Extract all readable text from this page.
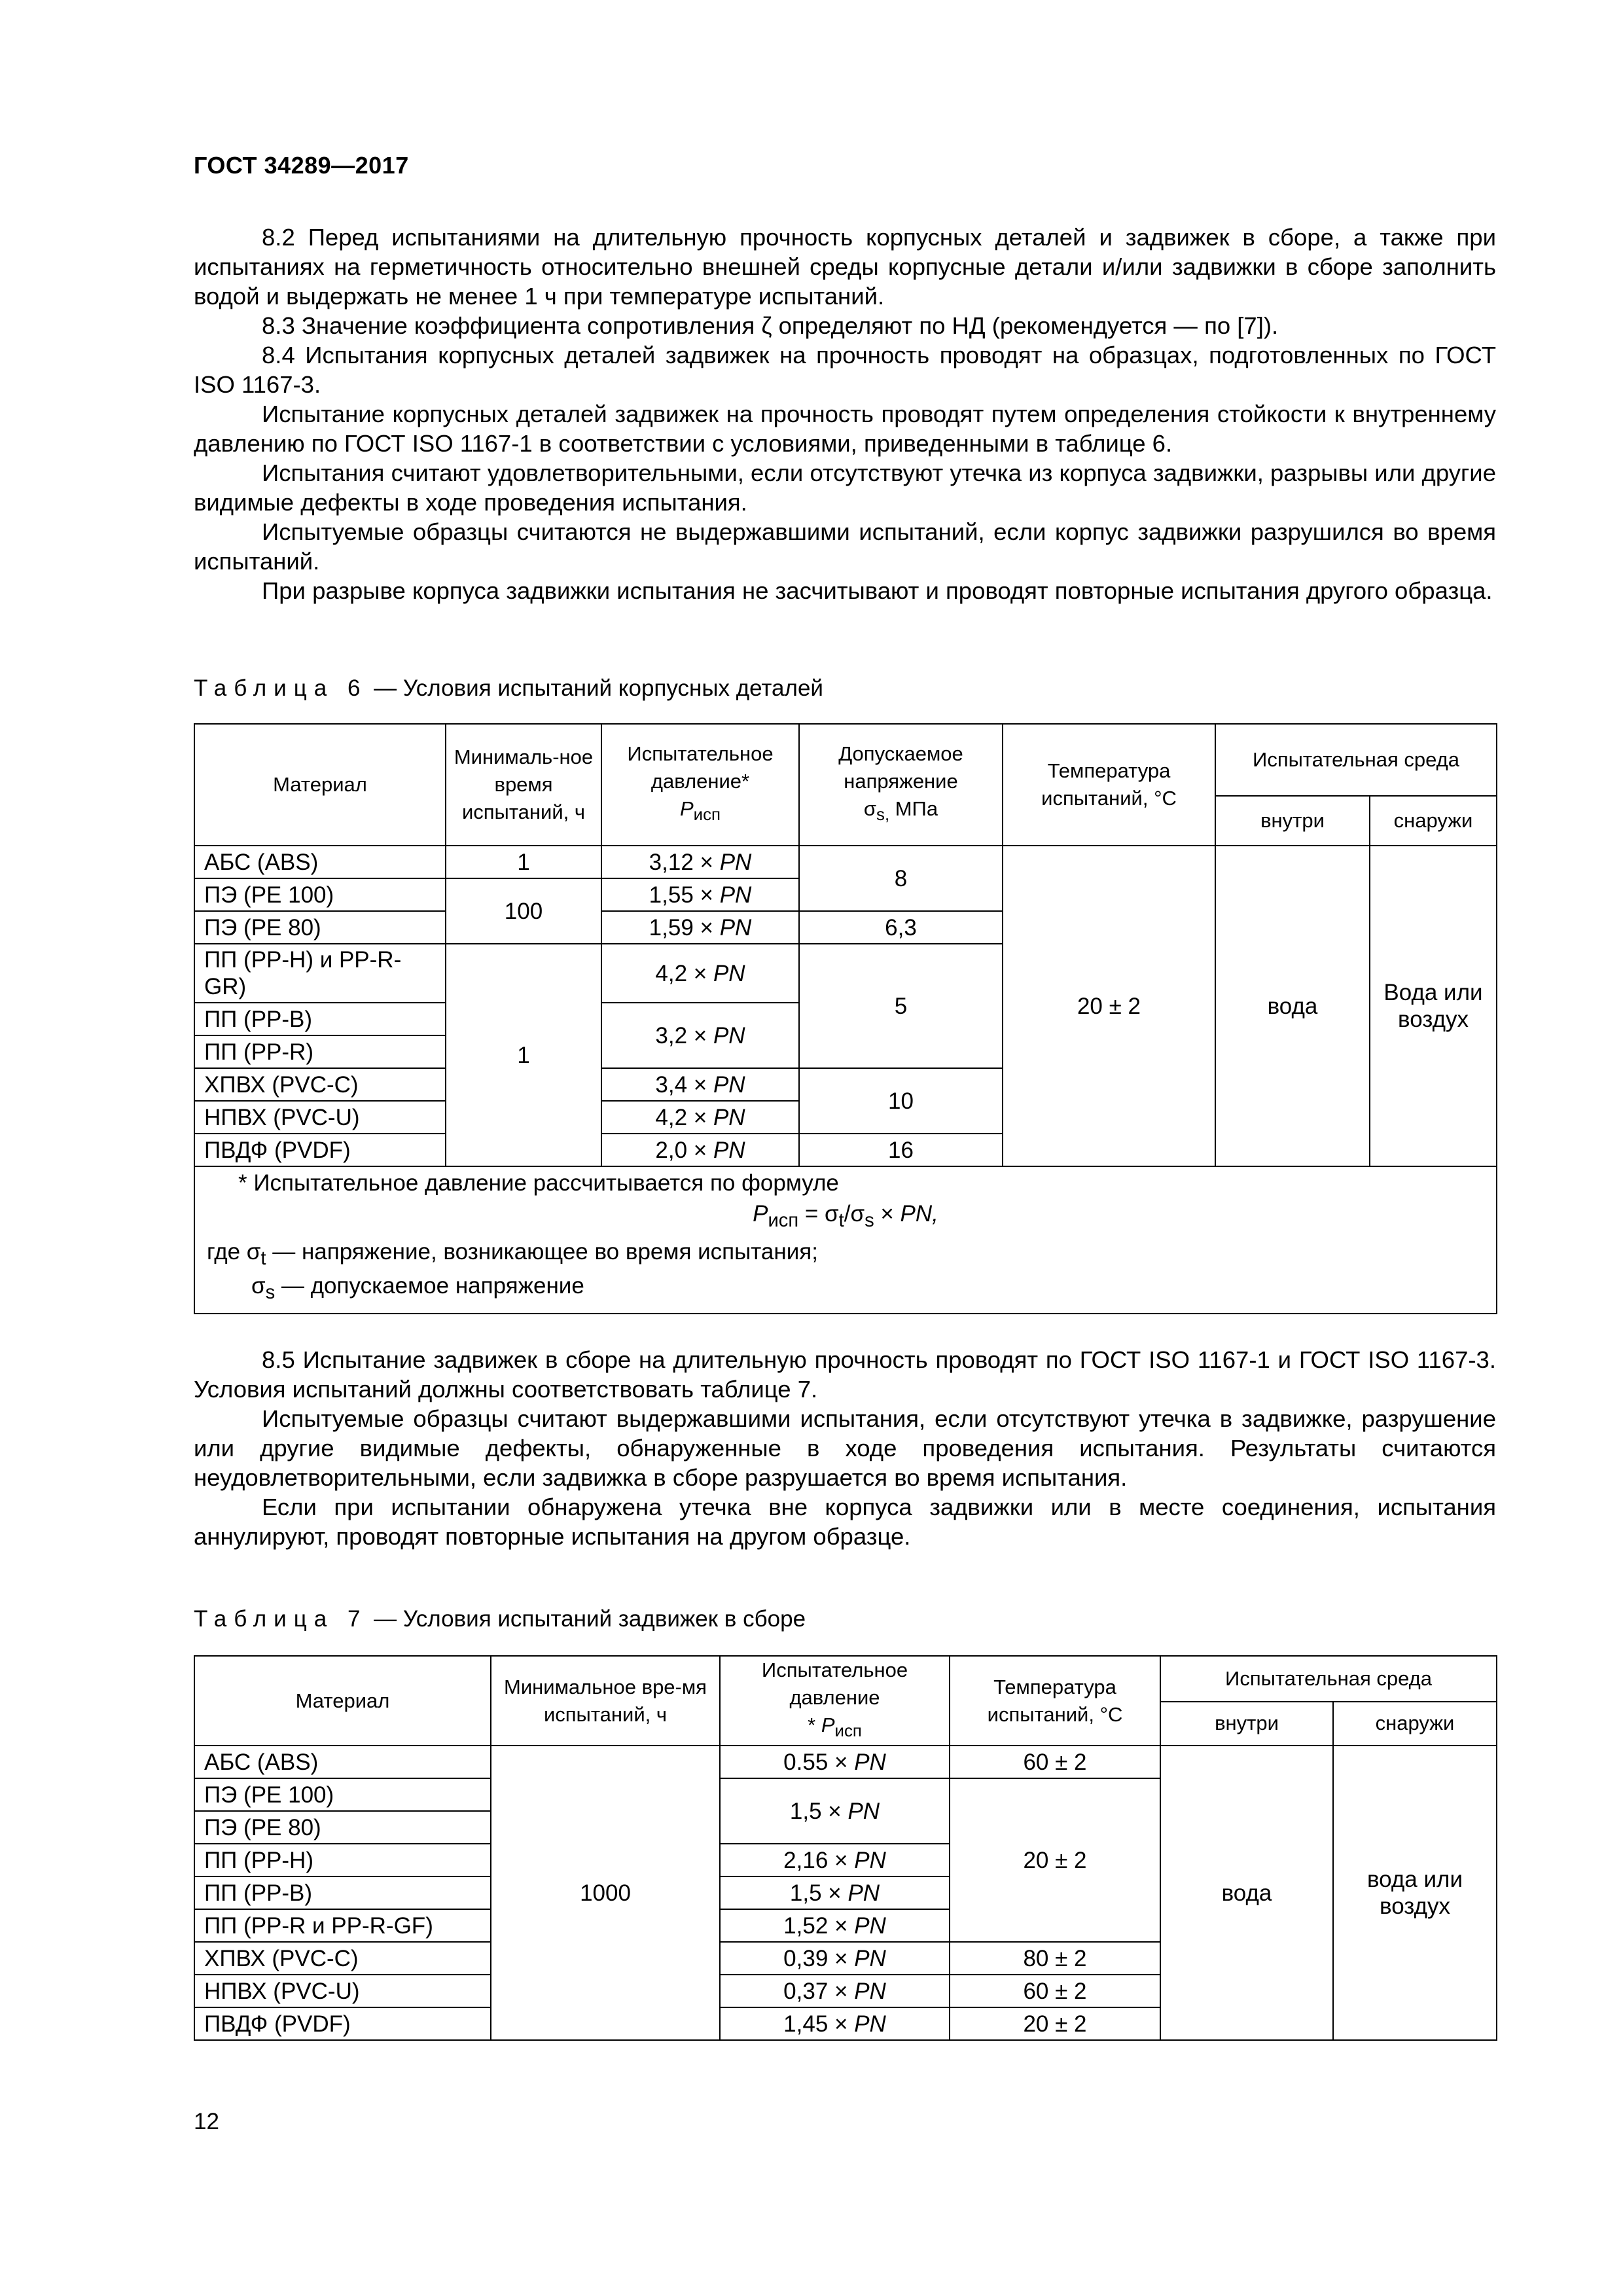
ГОСТ 34289—2017

8.2 Перед испытаниями на длительную прочность корпусных деталей и задвижек в сборе, а также при испытаниях на герметичность относительно внешней среды корпусные детали и/или задвижки в сборе заполнить водой и выдержать не менее 1 ч при температуре испытаний.

8.3 Значение коэффициента сопротивления ζ определяют по НД (рекомендуется — по [7]).

8.4 Испытания корпусных деталей задвижек на прочность проводят на образцах, подготовленных по ГОСТ ISO 1167-3.

Испытание корпусных деталей задвижек на прочность проводят путем определения стойкости к внутреннему давлению по ГОСТ ISO 1167-1 в соответствии с условиями, приведенными в таблице 6.

Испытания считают удовлетворительными, если отсутствуют утечка из корпуса задвижки, разрывы или другие видимые дефекты в ходе проведения испытания.

Испытуемые образцы считаются не выдержавшими испытаний, если корпус задвижки разрушился во время испытаний.

При разрыве корпуса задвижки испытания не засчитывают и проводят повторные испытания другого образца.

Таблица 6 — Условия испытаний корпусных деталей
Материал	Минималь-ное время испытаний, ч	Испытательное давление*
$P_{исп}$	Допускаемое напряжение
$\sigma_{s,}$ МПа	Температура испытаний, °C	Испытательная среда	
					внутри	снаружи
АБС (ABS)	1	3,12 × PN	8	20 ± 2	вода	Вода или воздух
ПЭ (PE 100)	100	1,55 × PN				
ПЭ (PE 80)		1,59 × PN	6,3			
ПП (PP-H) и PP-R-GR)	1	4,2 × PN	5			
ПП (PP-B)		3,2 × PN				
ПП (PP-R)						
ХПВХ (PVC-C)		3,4 × PN	10			
НПВХ (PVC-U)		4,2 × PN				
ПВДФ (PVDF)		2,0 × PN	16			

* Испытательное давление рассчитывается по формуле
$P_{исп} = \sigma_t/\sigma_s$ × PN,
где $\sigma_t$ — напряжение, возникающее во время испытания;
$\sigma_s$ — допускаемое напряжение						

8.5 Испытание задвижек в сборе на длительную прочность проводят по ГОСТ ISO 1167-1 и ГОСТ ISO 1167-3. Условия испытаний должны соответствовать таблице 7.

Испытуемые образцы считают выдержавшими испытания, если отсутствуют утечка в задвижке, разрушение или другие видимые дефекты, обнаруженные в ходе проведения испытания. Результаты считаются неудовлетворительными, если задвижка в сборе разрушается во время испытания.

Если при испытании обнаружена утечка вне корпуса задвижки или в месте соединения, испытания аннулируют, проводят повторные испытания на другом образце.

Таблица 7 — Условия испытаний задвижек в сборе
Материал	Минимальное вре-мя испытаний, ч	Испытательное давление
* $P_{исп}$	Температура испытаний, °C	Испытательная среда	
				внутри	снаружи
АБС (ABS)	1000	0.55 × PN	60 ± 2	вода	вода или воздух
ПЭ (PE 100)		1,5 × PN	20 ± 2		
ПЭ (PE 80)					
ПП (PP-H)		2,16 × PN			
ПП (PP-B)		1,5 × PN			
ПП (PP-R и PP-R-GF)		1,52 × PN			
ХПВХ (PVC-C)		0,39 × PN	80 ± 2		
НПВХ (PVC-U)		0,37 × PN	60 ± 2		
ПВДФ (PVDF)		1,45 × PN	20 ± 2		
12
